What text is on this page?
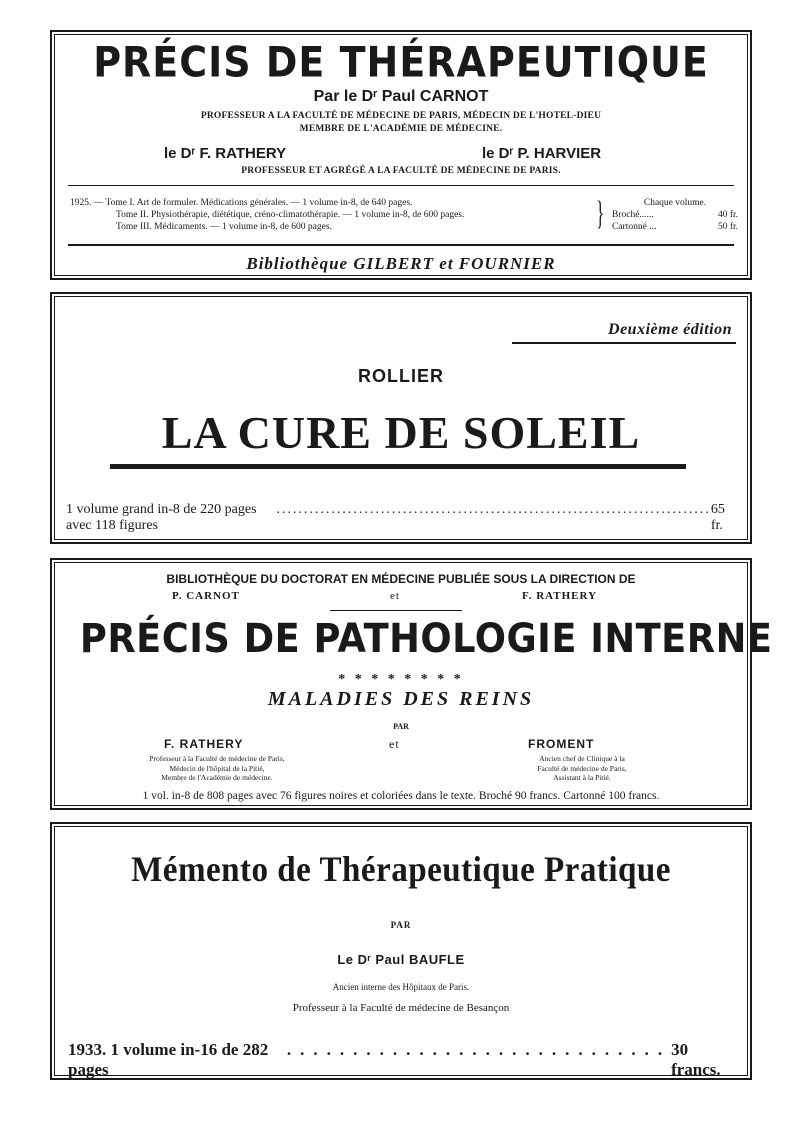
PRÉCIS DE THÉRAPEUTIQUE
Par le Dʳ Paul CARNOT
PROFESSEUR A LA FACULTÉ DE MÉDECINE DE PARIS, MÉDECIN DE L'HOTEL-DIEU
MEMBRE DE L'ACADÉMIE DE MÉDECINE.
le Dʳ F. RATHERY	le Dʳ P. HARVIER
PROFESSEUR ET AGRÉGÉ A LA FACULTÉ DE MÉDECINE DE PARIS.
1925. — Tome I. Art de formuler. Médications générales. — 1 volume in-8, de 640 pages.
Tome II. Physiothérapie, diététique, créno-climatothérapie. — 1 volume in-8, de 600 pages.
Tome III. Médicaments. — 1 volume in-8, de 600 pages.	}	Chaque volume.
Broché......	40 fr.
Cartonné ...	50 fr.
Bibliothèque GILBERT et FOURNIER
Deuxième édition
ROLLIER
LA CURE DE SOLEIL
1 volume grand in-8 de 220 pages avec 118 figures
............................................................................... 65 fr.
BIBLIOTHÈQUE DU DOCTORAT EN MÉDECINE PUBLIÉE SOUS LA DIRECTION DE
P. CARNOT	et	F. RATHERY
PRÉCIS DE PATHOLOGIE INTERNE
* * * * * * * *
MALADIES DES REINS
PAR
F. RATHERY	et	FROMENT
Professeur à la Faculté de médecine de Paris,
Médecin de l'hôpital de la Pitié,
Membre de l'Académie de médecine.
Ancien chef de Clinique à la
Faculté de médecine de Paris,
Assistant à la Pitié.
1 vol. in-8 de 808 pages avec 76 figures noires et coloriées dans le texte. Broché 90 francs. Cartonné 100 francs.
Mémento de Thérapeutique Pratique
PAR
Le Dʳ Paul BAUFLE
Ancien interne des Hôpitaux de Paris.
Professeur à la Faculté de médecine de Besançon
1933. 1 volume in-16 de 282 pages
............................. 30 francs.
